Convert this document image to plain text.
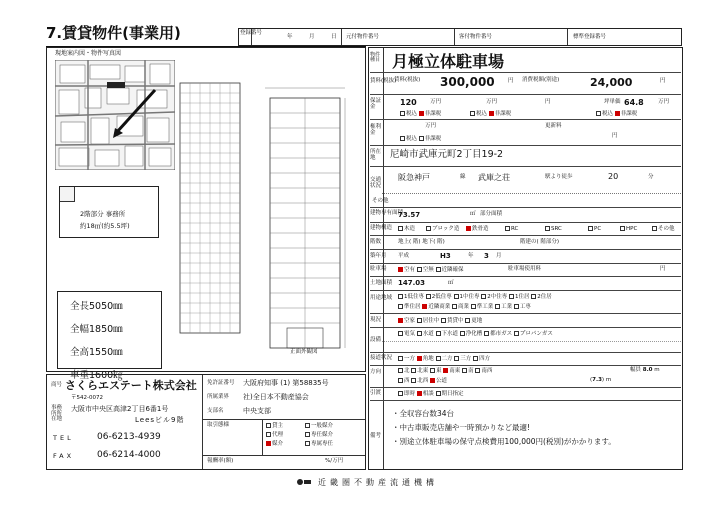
7.賃貸物件(事業用)	登録番号
年	月	日 元付物件番号	客付物件番号	標準登録番号
現地案内図・物件写真図
2階部分 事務所
約18㎡(約5.5坪)
全長5050㎜
全幅1850㎜
全高1550㎜
車重1600㎏
正面外観図
商号 さくらエステート株式会社
〒542-0072
事務所所在地
大阪市中央区高津2丁目6番1号
Leesビル9階
TEL	06-6213-4939
FAX	06-6214-4000
免許証番号 大阪府知事 (1) 第58835号
所属業界 社)全日本不動産協会
支部名	中央支部
取引態様	貸主
代理
媒介
一般媒介
専任媒介
専属専任
報酬率(額)	%/万円
物件種目 月極立体駐車場
賃料(税抜)
賃料(税抜) 300,000 円 消費税額(別途)	24,000	円
保証金	120 万円	万円	円	坪単価 64.8	万円
税込 非課税	税込 非課税	税込 非課税
権利金
万円	更新料
円
税込 非課税
所在地	尼崎市武庫元町2丁目19-2
交通状況
阪急神戸	線 武庫之荘	駅より徒歩	20	分
その他
建物専有面積
73.57	㎡ 部分面積
建物構造	木造	ブロック造	鉄骨造	RC	SRC	PC	HPC	その他
階数	地上( 階) 地下( 階)	階建の( 階部分)
築年月 平成	H3	年 3 月
駐車場	空有 空無 近隣確保	駐車場使用料	円
土地面積 147.03	㎡
用途地域	1低住専 2低住専 1中住専 2中住専 1住居 2住居
準住居 近隣商業 商業 準工業 工業 工専
現況	空家 居住中 賃貸中 更地
設備
電気 水道 下水道 浄化槽 都市ガス プロパンガス
接道状況	一方 角地 二方 三方 四方
方向	北 北東 東 南東 南 南西	幅員 8.0 m
西 北西 公道	(7.3) m
引渡	即時 相談 期日指定
備考
・全収容台数34台
・中古車販売店舗や一時預かりなど最適!
・別途立体駐車場の保守点検費用100,000円(税別)がかかります。
近畿圏不動産流通機構
